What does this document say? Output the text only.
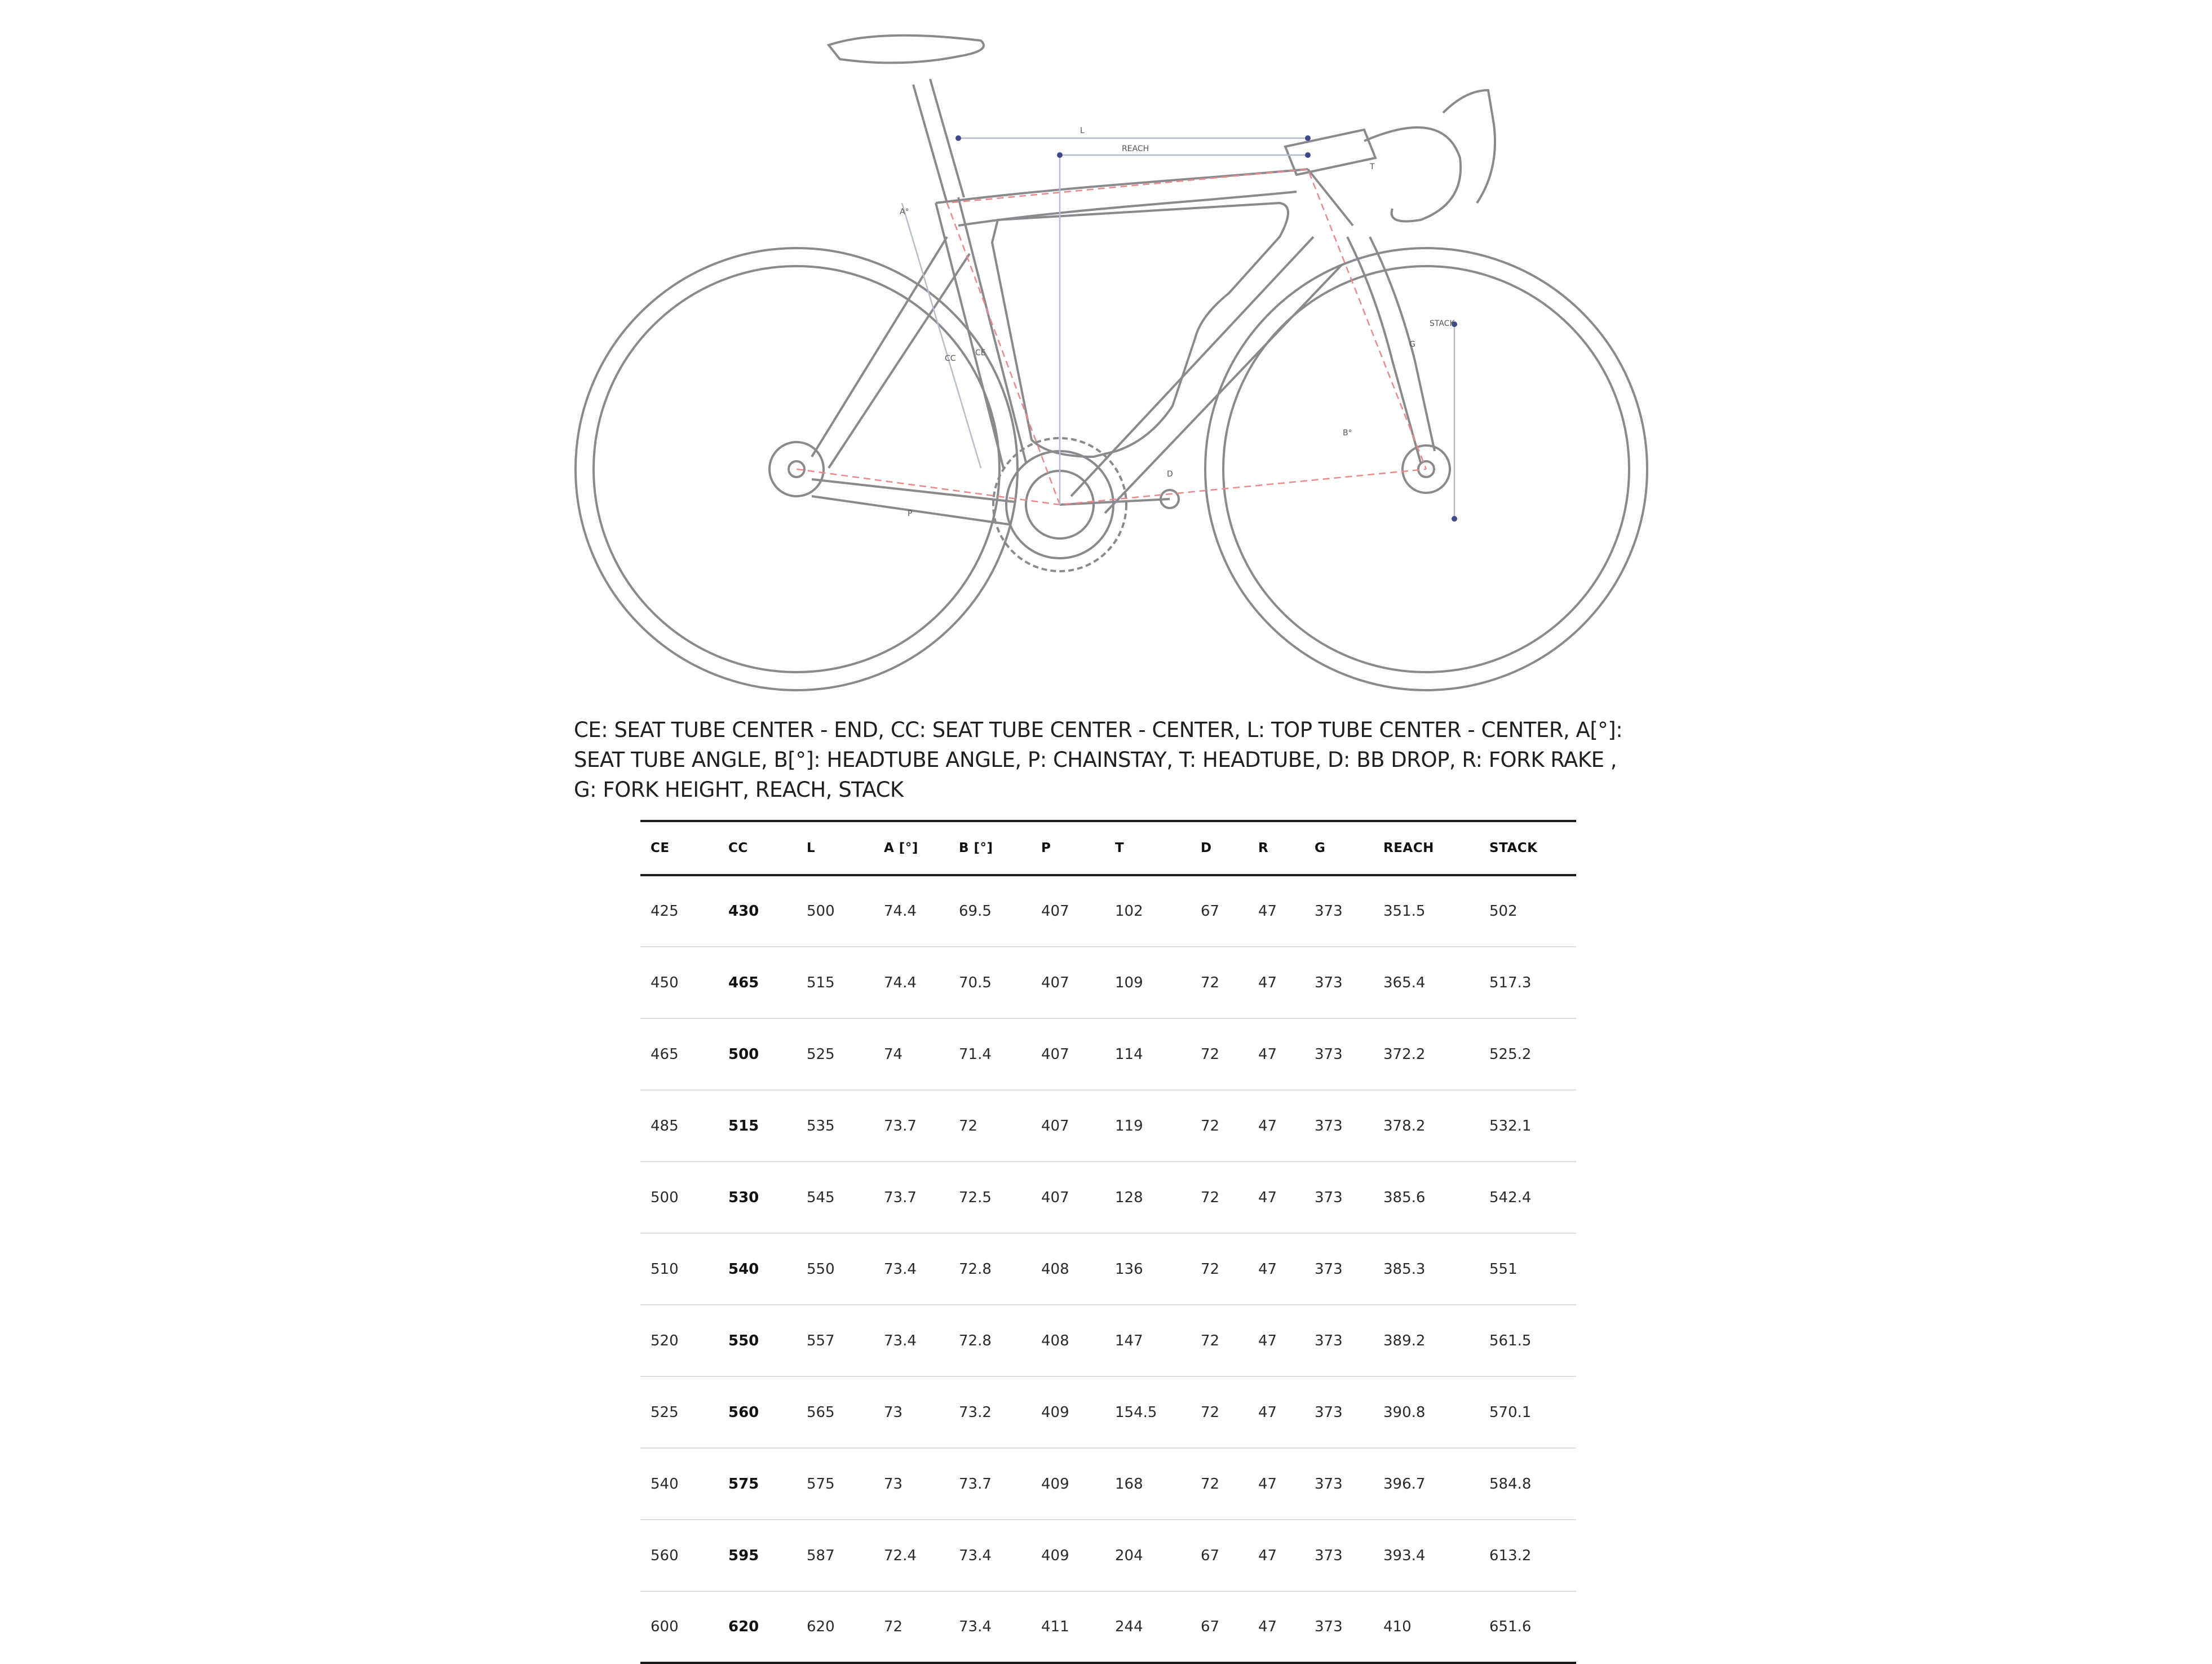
L
REACH
STACK
CC
CE
A°
B°
G
T
P
D
CE: SEAT TUBE CENTER - END, CC: SEAT TUBE CENTER - CENTER, L: TOP TUBE CENTER - CENTER, A[°]: SEAT TUBE ANGLE, B[°]: HEADTUBE ANGLE, P: CHAINSTAY, T: HEADTUBE, D: BB DROP, R: FORK RAKE , G: FORK HEIGHT, REACH, STACK
CE	CC	L	A [°]	B [°]	P	T	D	R	G	REACH	STACK
425	430	500	74.4	69.5	407	102	67	47	373	351.5	502
450	465	515	74.4	70.5	407	109	72	47	373	365.4	517.3
465	500	525	74	71.4	407	114	72	47	373	372.2	525.2
485	515	535	73.7	72	407	119	72	47	373	378.2	532.1
500	530	545	73.7	72.5	407	128	72	47	373	385.6	542.4
510	540	550	73.4	72.8	408	136	72	47	373	385.3	551
520	550	557	73.4	72.8	408	147	72	47	373	389.2	561.5
525	560	565	73	73.2	409	154.5	72	47	373	390.8	570.1
540	575	575	73	73.7	409	168	72	47	373	396.7	584.8
560	595	587	72.4	73.4	409	204	67	47	373	393.4	613.2
600	620	620	72	73.4	411	244	67	47	373	410	651.6
